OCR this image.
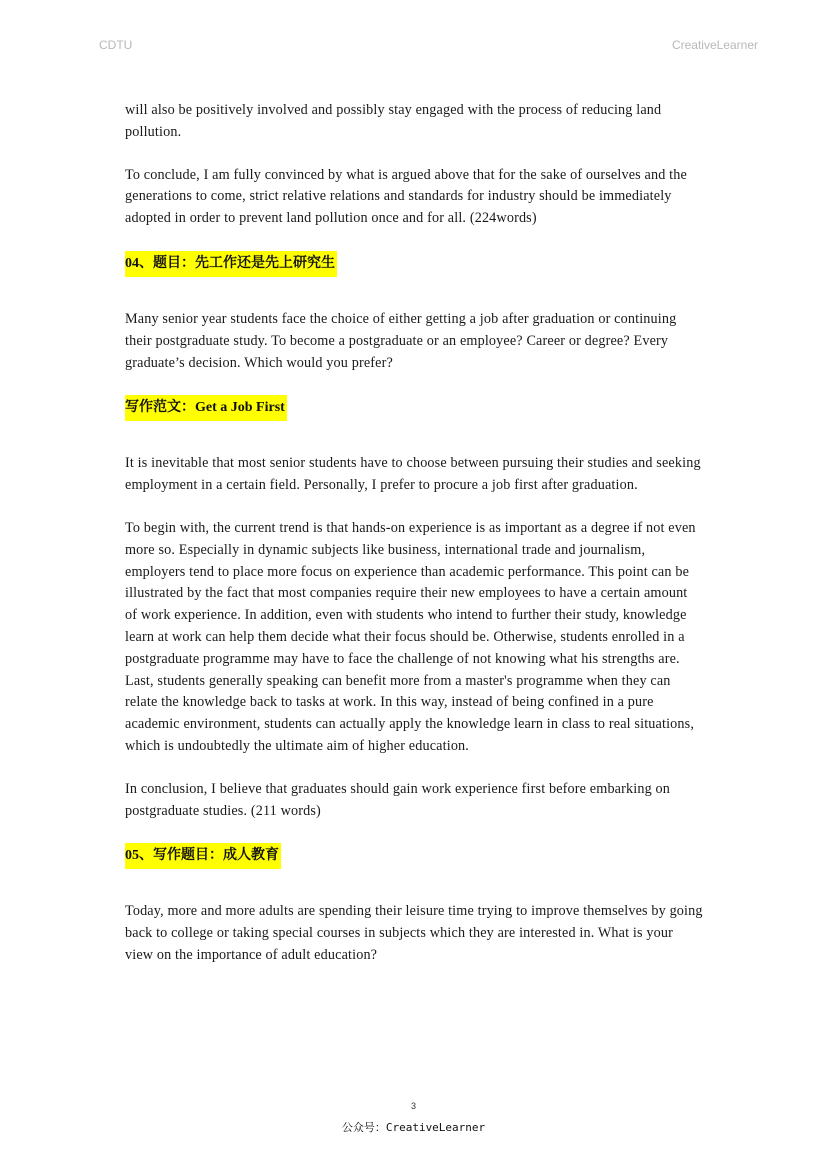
CDTU	CreativeLearner

will also be positively involved and possibly stay engaged with the process of reducing land pollution.

To conclude, I am fully convinced by what is argued above that for the sake of ourselves and the generations to come, strict relative relations and standards for industry should be immediately adopted in order to prevent land pollution once and for all. (224words)

04、题目：先工作还是先上研究生

Many senior year students face the choice of either getting a job after graduation or continuing their postgraduate study. To become a postgraduate or an employee? Career or degree? Every graduate’s decision. Which would you prefer?

写作范文：Get a Job First

It is inevitable that most senior students have to choose between pursuing their studies and seeking employment in a certain field. Personally, I prefer to procure a job first after graduation.

To begin with, the current trend is that hands-on experience is as important as a degree if not even more so. Especially in dynamic subjects like business, international trade and journalism, employers tend to place more focus on experience than academic performance. This point can be illustrated by the fact that most companies require their new employees to have a certain amount of work experience. In addition, even with students who intend to further their study, knowledge learn at work can help them decide what their focus should be. Otherwise, students enrolled in a postgraduate programme may have to face the challenge of not knowing what his strengths are. Last, students generally speaking can benefit more from a master's programme when they can relate the knowledge back to tasks at work. In this way, instead of being confined in a pure academic environment, students can actually apply the knowledge learn in class to real situations, which is undoubtedly the ultimate aim of higher education.

In conclusion, I believe that graduates should gain work experience first before embarking on postgraduate studies. (211 words)

05、写作题目：成人教育

Today, more and more adults are spending their leisure time trying to improve themselves by going back to college or taking special courses in subjects which they are interested in. What is your view on the importance of adult education?

3
公众号：CreativeLearner
